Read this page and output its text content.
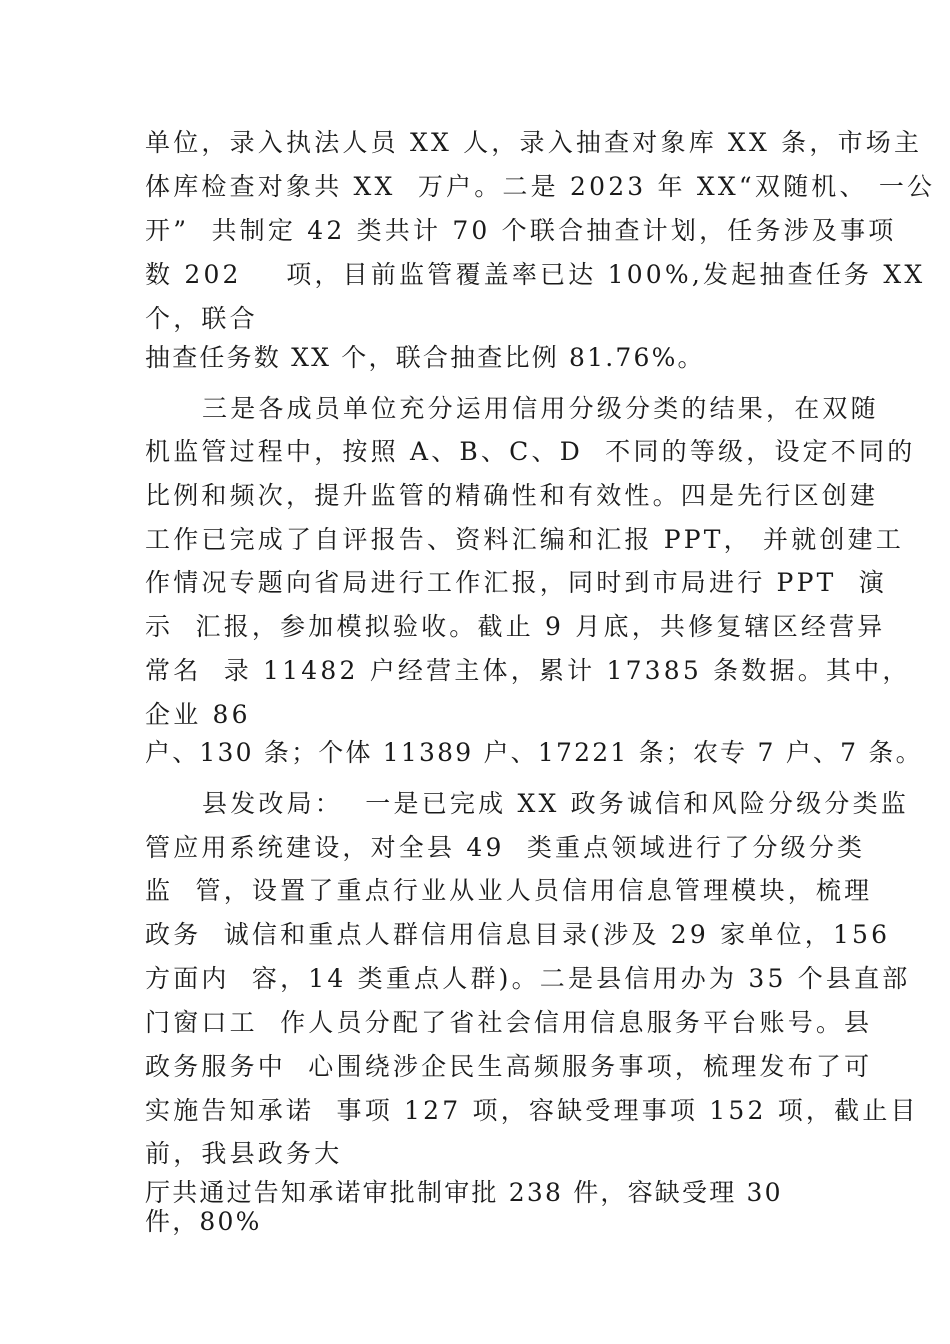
单位，录入执法人员 XX 人，录入抽查对象库 XX 条，市场主
体库检查对象共 XX  万户。二是 2023 年 XX“双随机、 一公
开”  共制定 42 类共计 70 个联合抽查计划，任务涉及事项
数 202    项，目前监管覆盖率已达 100%,发起抽查任务 XX
个，联合
抽查任务数 XX 个，联合抽查比例 81.76%。
三是各成员单位充分运用信用分级分类的结果，在双随
机监管过程中，按照 A、B、C、D  不同的等级，设定不同的
比例和频次，提升监管的精确性和有效性。四是先行区创建
工作已完成了自评报告、资料汇编和汇报 PPT， 并就创建工
作情况专题向省局进行工作汇报，同时到市局进行 PPT  演
示  汇报，参加模拟验收。截止 9 月底，共修复辖区经营异
常名  录 11482 户经营主体，累计 17385 条数据。其中，
企业 86
户、130 条；个体 11389 户、17221 条；农专 7 户、7 条。
县发改局：  一是已完成 XX 政务诚信和风险分级分类监
管应用系统建设，对全县 49  类重点领域进行了分级分类
监  管，设置了重点行业从业人员信用信息管理模块，梳理
政务  诚信和重点人群信用信息目录(涉及 29 家单位，156
方面内  容，14 类重点人群)。二是县信用办为 35 个县直部
门窗口工  作人员分配了省社会信用信息服务平台账号。县
政务服务中  心围绕涉企民生高频服务事项，梳理发布了可
实施告知承诺  事项 127 项，容缺受理事项 152 项，截止目
前，我县政务大
厅共通过告知承诺审批制审批 238 件，容缺受理 30
件，80%
